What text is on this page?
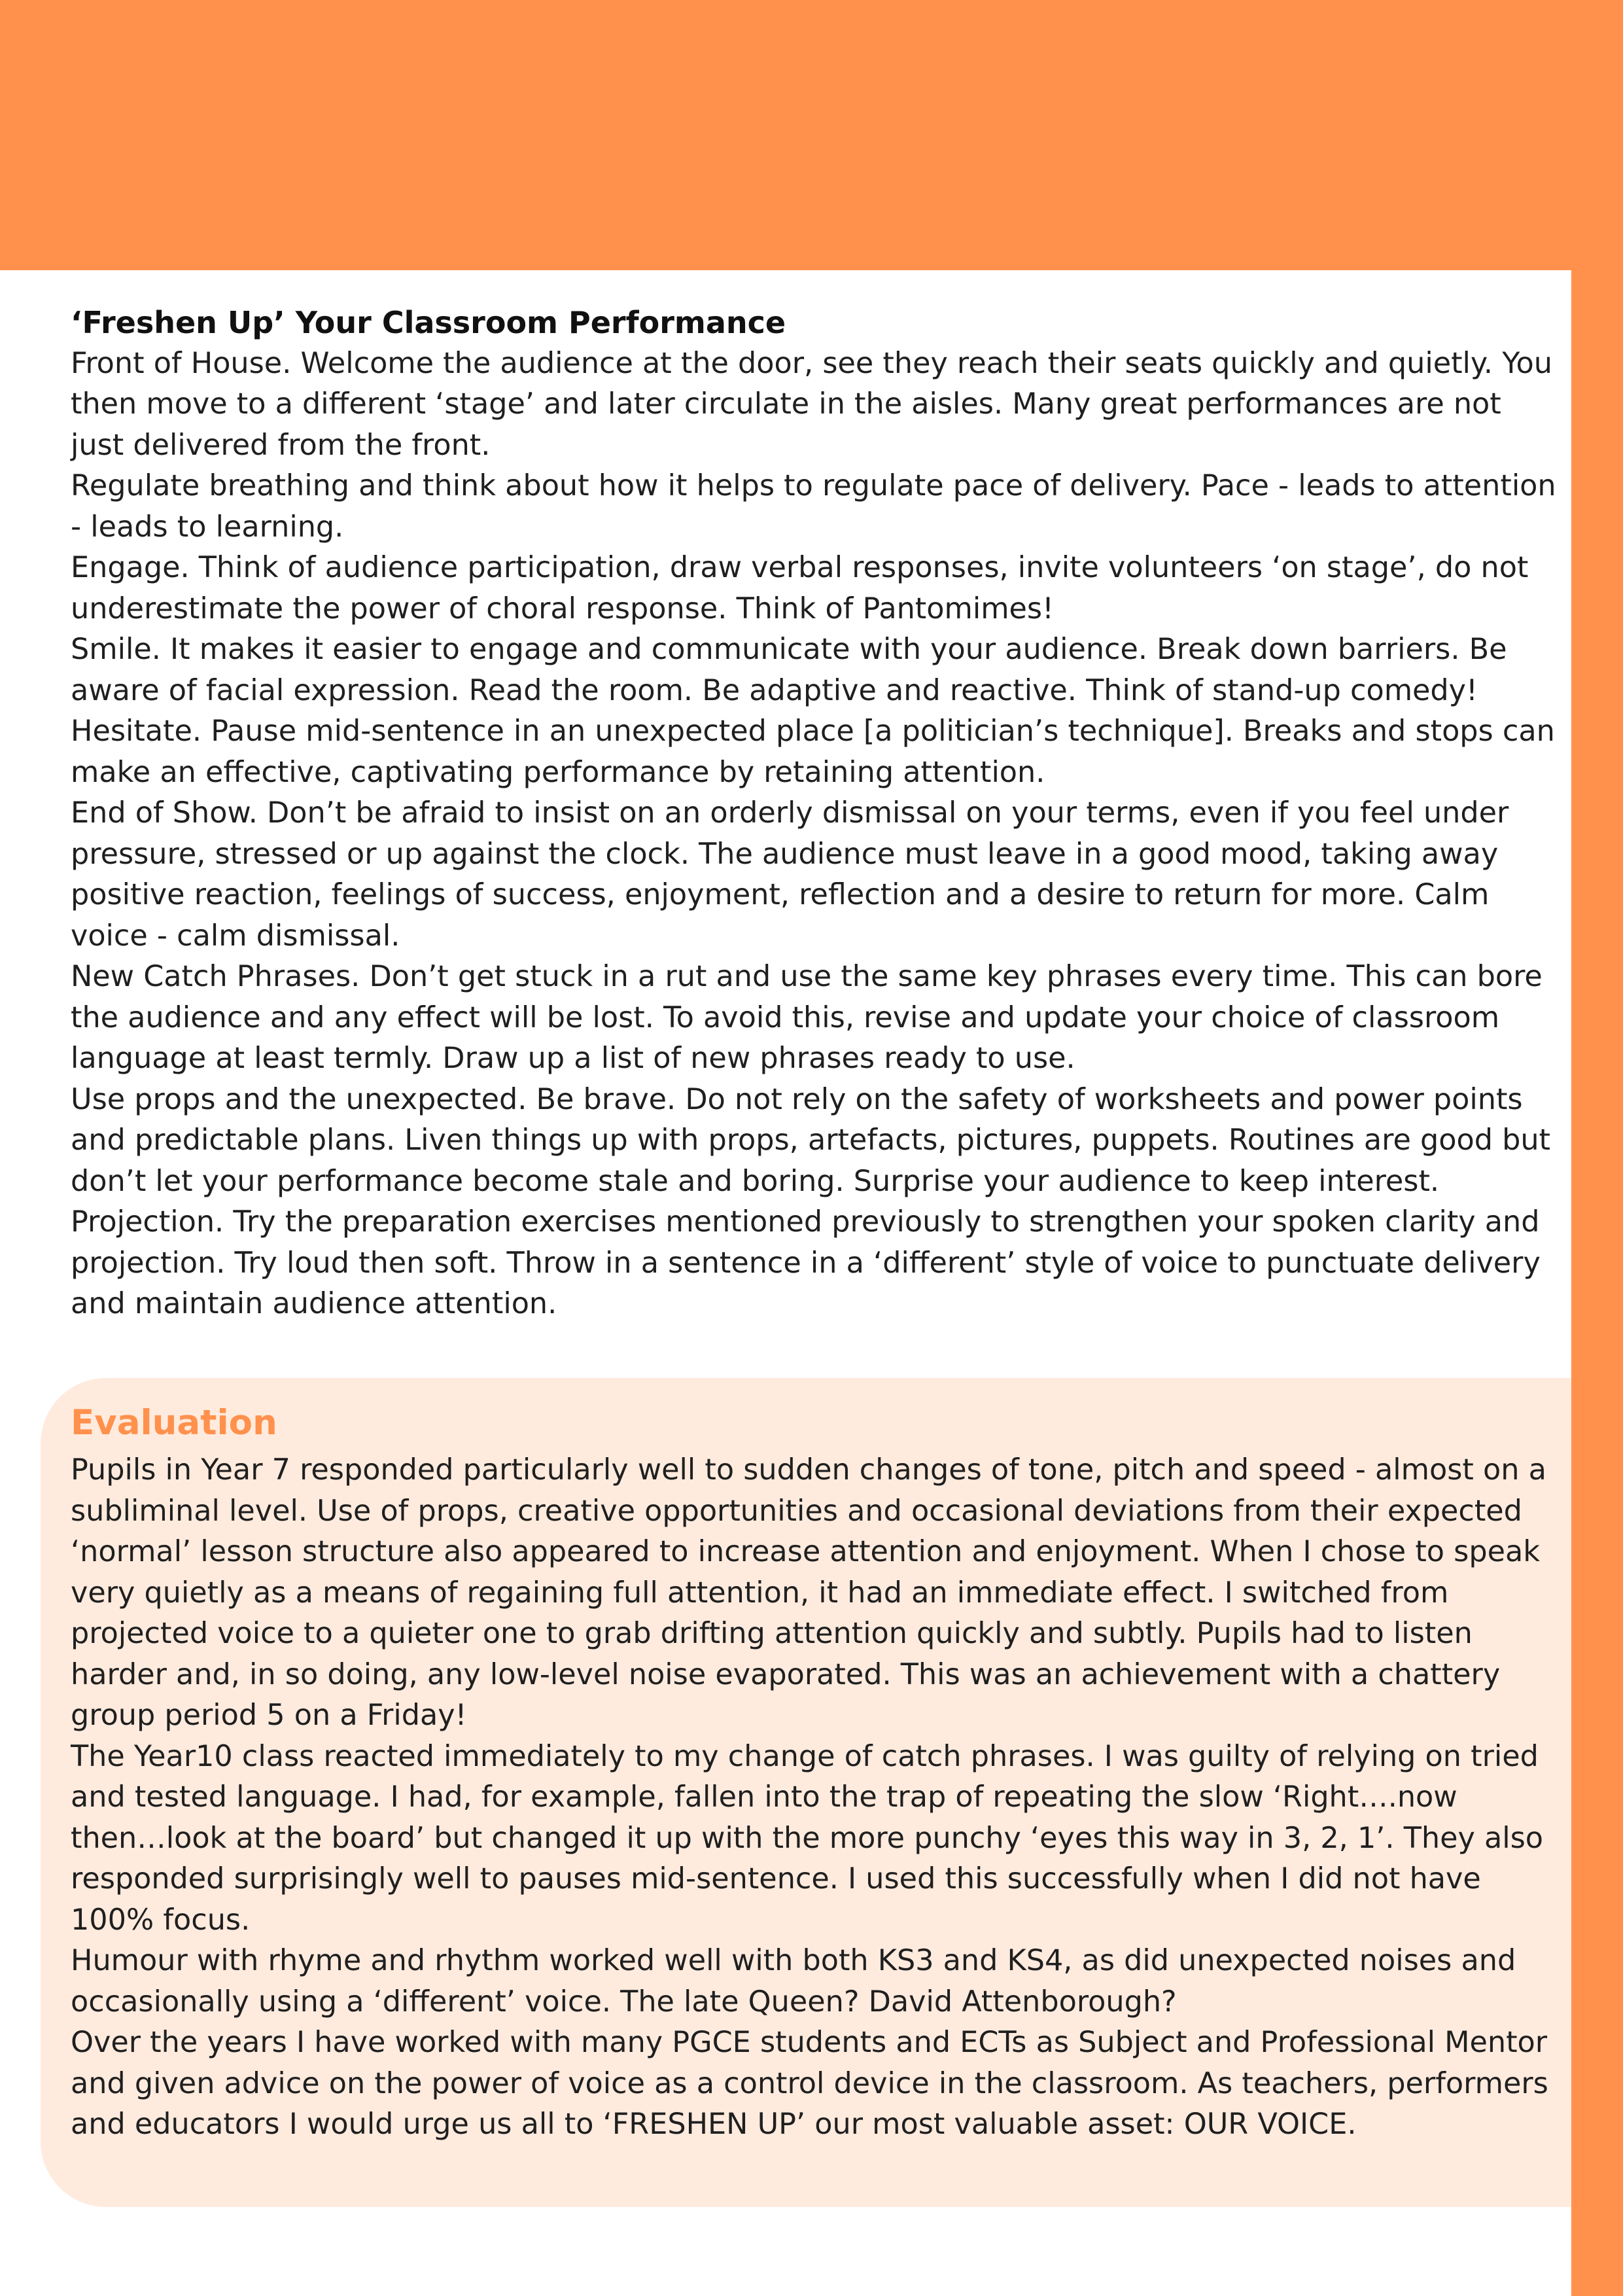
‘Freshen Up’ Your Classroom Performance

Front of House. Welcome the audience at the door, see they reach their seats quickly and quietly. You then move to a different ‘stage’ and later circulate in the aisles. Many great performances are not just delivered from the front.

Regulate breathing and think about how it helps to regulate pace of delivery. Pace - leads to attention - leads to learning.

Engage. Think of audience participation, draw verbal responses, invite volunteers ‘on stage’, do not underestimate the power of choral response. Think of Pantomimes!

Smile. It makes it easier to engage and communicate with your audience. Break down barriers. Be aware of facial expression. Read the room. Be adaptive and reactive. Think of stand-up comedy!

Hesitate. Pause mid-sentence in an unexpected place [a politician’s technique]. Breaks and stops can make an effective, captivating performance by retaining attention.

End of Show. Don’t be afraid to insist on an orderly dismissal on your terms, even if you feel under pressure, stressed or up against the clock. The audience must leave in a good mood, taking away positive reaction, feelings of success, enjoyment, reflection and a desire to return for more. Calm voice - calm dismissal.

New Catch Phrases. Don’t get stuck in a rut and use the same key phrases every time. This can bore the audience and any effect will be lost. To avoid this, revise and update your choice of classroom language at least termly. Draw up a list of new phrases ready to use.

Use props and the unexpected. Be brave. Do not rely on the safety of worksheets and power points and predictable plans. Liven things up with props, artefacts, pictures, puppets. Routines are good but don’t let your performance become stale and boring. Surprise your audience to keep interest.

Projection. Try the preparation exercises mentioned previously to strengthen your spoken clarity and projection. Try loud then soft. Throw in a sentence in a ‘different’ style of voice to punctuate delivery and maintain audience attention.

Evaluation

Pupils in Year 7 responded particularly well to sudden changes of tone, pitch and speed - almost on a subliminal level. Use of props, creative opportunities and occasional deviations from their expected ‘normal’ lesson structure also appeared to increase attention and enjoyment. When I chose to speak very quietly as a means of regaining full attention, it had an immediate effect. I switched from projected voice to a quieter one to grab drifting attention quickly and subtly. Pupils had to listen harder and, in so doing, any low-level noise evaporated. This was an achievement with a chattery group period 5 on a Friday!

The Year10 class reacted immediately to my change of catch phrases. I was guilty of relying on tried and tested language. I had, for example, fallen into the trap of repeating the slow ‘Right….now then…look at the board’ but changed it up with the more punchy ‘eyes this way in 3, 2, 1’. They also responded surprisingly well to pauses mid-sentence. I used this successfully when I did not have 100% focus.

Humour with rhyme and rhythm worked well with both KS3 and KS4, as did unexpected noises and occasionally using a ‘different’ voice. The late Queen? David Attenborough?

Over the years I have worked with many PGCE students and ECTs as Subject and Professional Mentor and given advice on the power of voice as a control device in the classroom. As teachers, performers and educators I would urge us all to ‘FRESHEN UP’ our most valuable asset: OUR VOICE.
